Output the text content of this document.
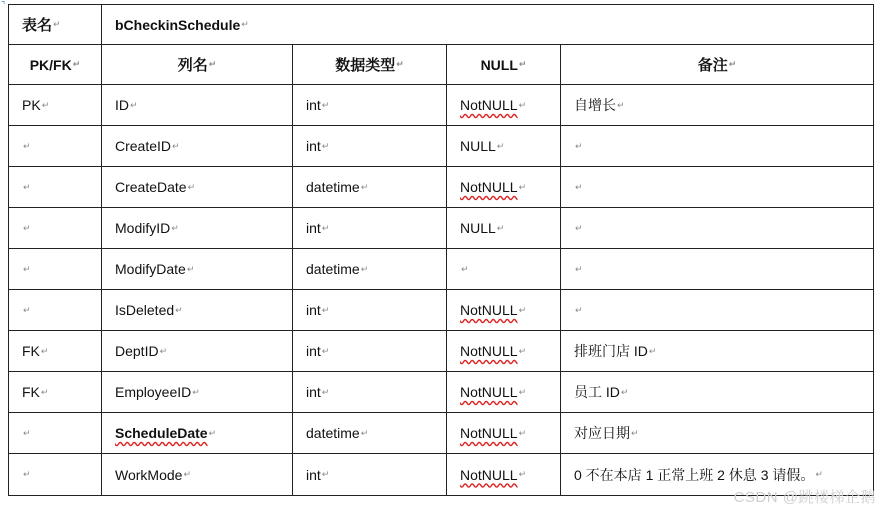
⌝
表名 ↵	bCheckinSchedule ↵
PK/FK ↵	列名 ↵	数据类型 ↵	NULL ↵	备注 ↵
PK ↵	ID ↵	int ↵	NotNULL ↵	自增长 ↵
↵	CreateID ↵	int ↵	NULL ↵	↵
↵	CreateDate ↵	datetime ↵	NotNULL ↵	↵
↵	ModifyID ↵	int ↵	NULL ↵	↵
↵	ModifyDate ↵	datetime ↵	↵	↵
↵	IsDeleted ↵	int ↵	NotNULL ↵	↵
FK ↵	DeptID ↵	int ↵	NotNULL ↵	排班门店 ID ↵
FK ↵	EmployeeID ↵	int ↵	NotNULL ↵	员工 ID ↵
↵	ScheduleDate ↵	datetime ↵	NotNULL ↵	对应日期 ↵
↵	WorkMode ↵	int ↵	NotNULL ↵	0 不在本店 1 正常上班 2 休息 3 请假。 ↵
CSDN @跳楼梯企鹅
